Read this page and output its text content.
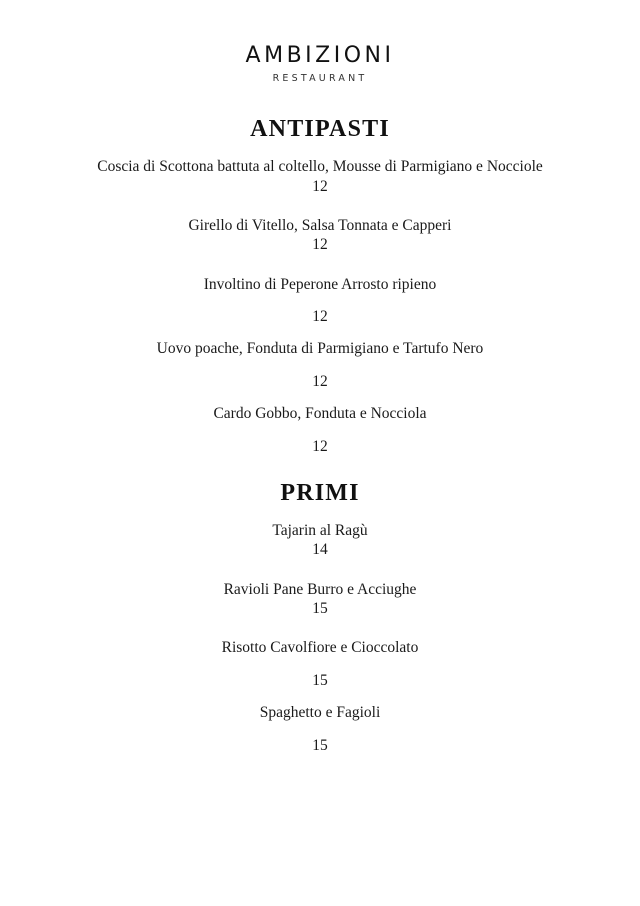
AMBIZIONI
RESTAURANT
ANTIPASTI
Coscia di Scottona battuta al coltello, Mousse di Parmigiano e Nocciole
12
Girello di Vitello, Salsa Tonnata e Capperi
12
Involtino di Peperone Arrosto ripieno
12
Uovo poache, Fonduta di Parmigiano e Tartufo Nero
12
Cardo Gobbo, Fonduta e Nocciola
12
PRIMI
Tajarin al Ragù
14
Ravioli Pane Burro e Acciughe
15
Risotto Cavolfiore e Cioccolato
15
Spaghetto e Fagioli
15
